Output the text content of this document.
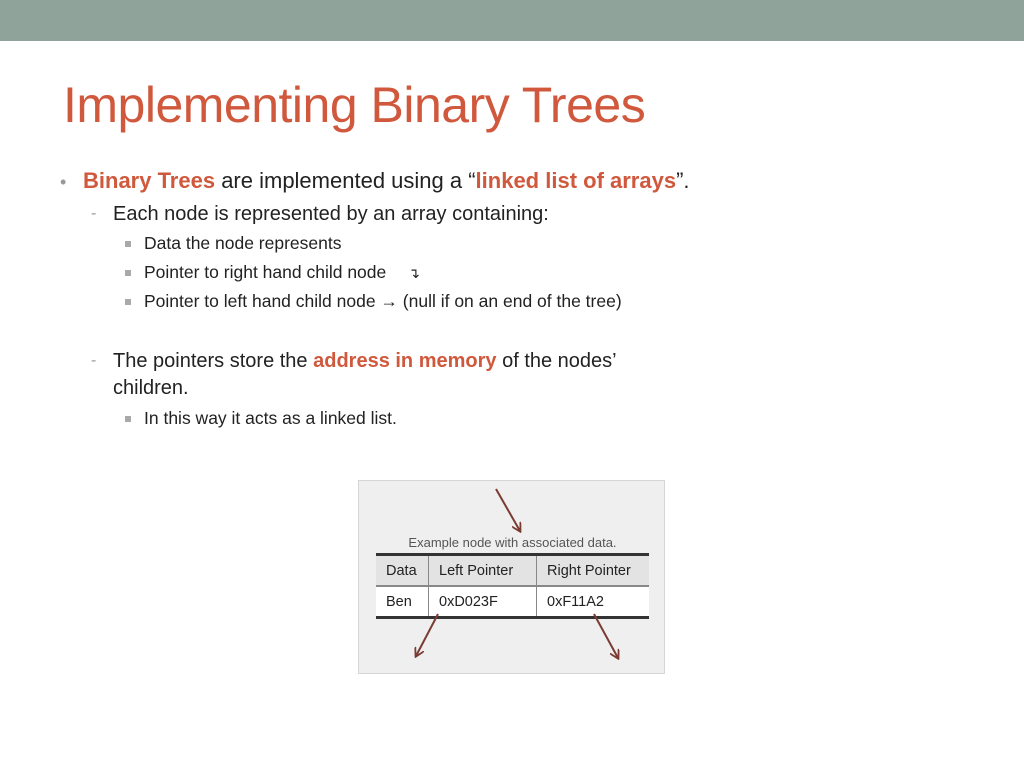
Implementing Binary Trees
• Binary Trees are implemented using a “linked list of arrays”.
- Each node is represented by an array containing:
Data the node represents
Pointer to right hand child node ↴
Pointer to left hand child node → (null if on an end of the tree)
- The pointers store the address in memory of the nodes’
children.
In this way it acts as a linked list.
Example node with associated data.
Data	Left Pointer	Right Pointer
Ben	0xD023F	0xF11A2
